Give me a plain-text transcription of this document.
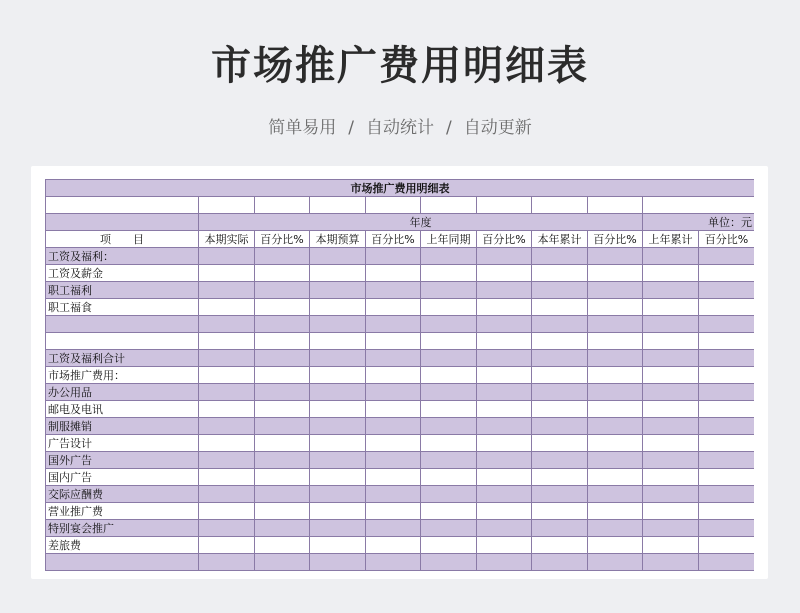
市场推广费用明细表
简单易用 / 自动统计 / 自动更新
市场推广费用明细表										

	年度								单位：元	
项　　目	本期实际	百分比%	本期预算	百分比%	上年同期	百分比%	本年累计	百分比%	上年累计	百分比%
工资及福利：										
工资及薪金										
职工福利										
职工福食										

工资及福利合计										
市场推广费用：										
办公用品										
邮电及电讯										
制服摊销										
广告设计										
国外广告										
国内广告										
交际应酬费										
营业推广费										
特别宴会推广										
差旅费										
